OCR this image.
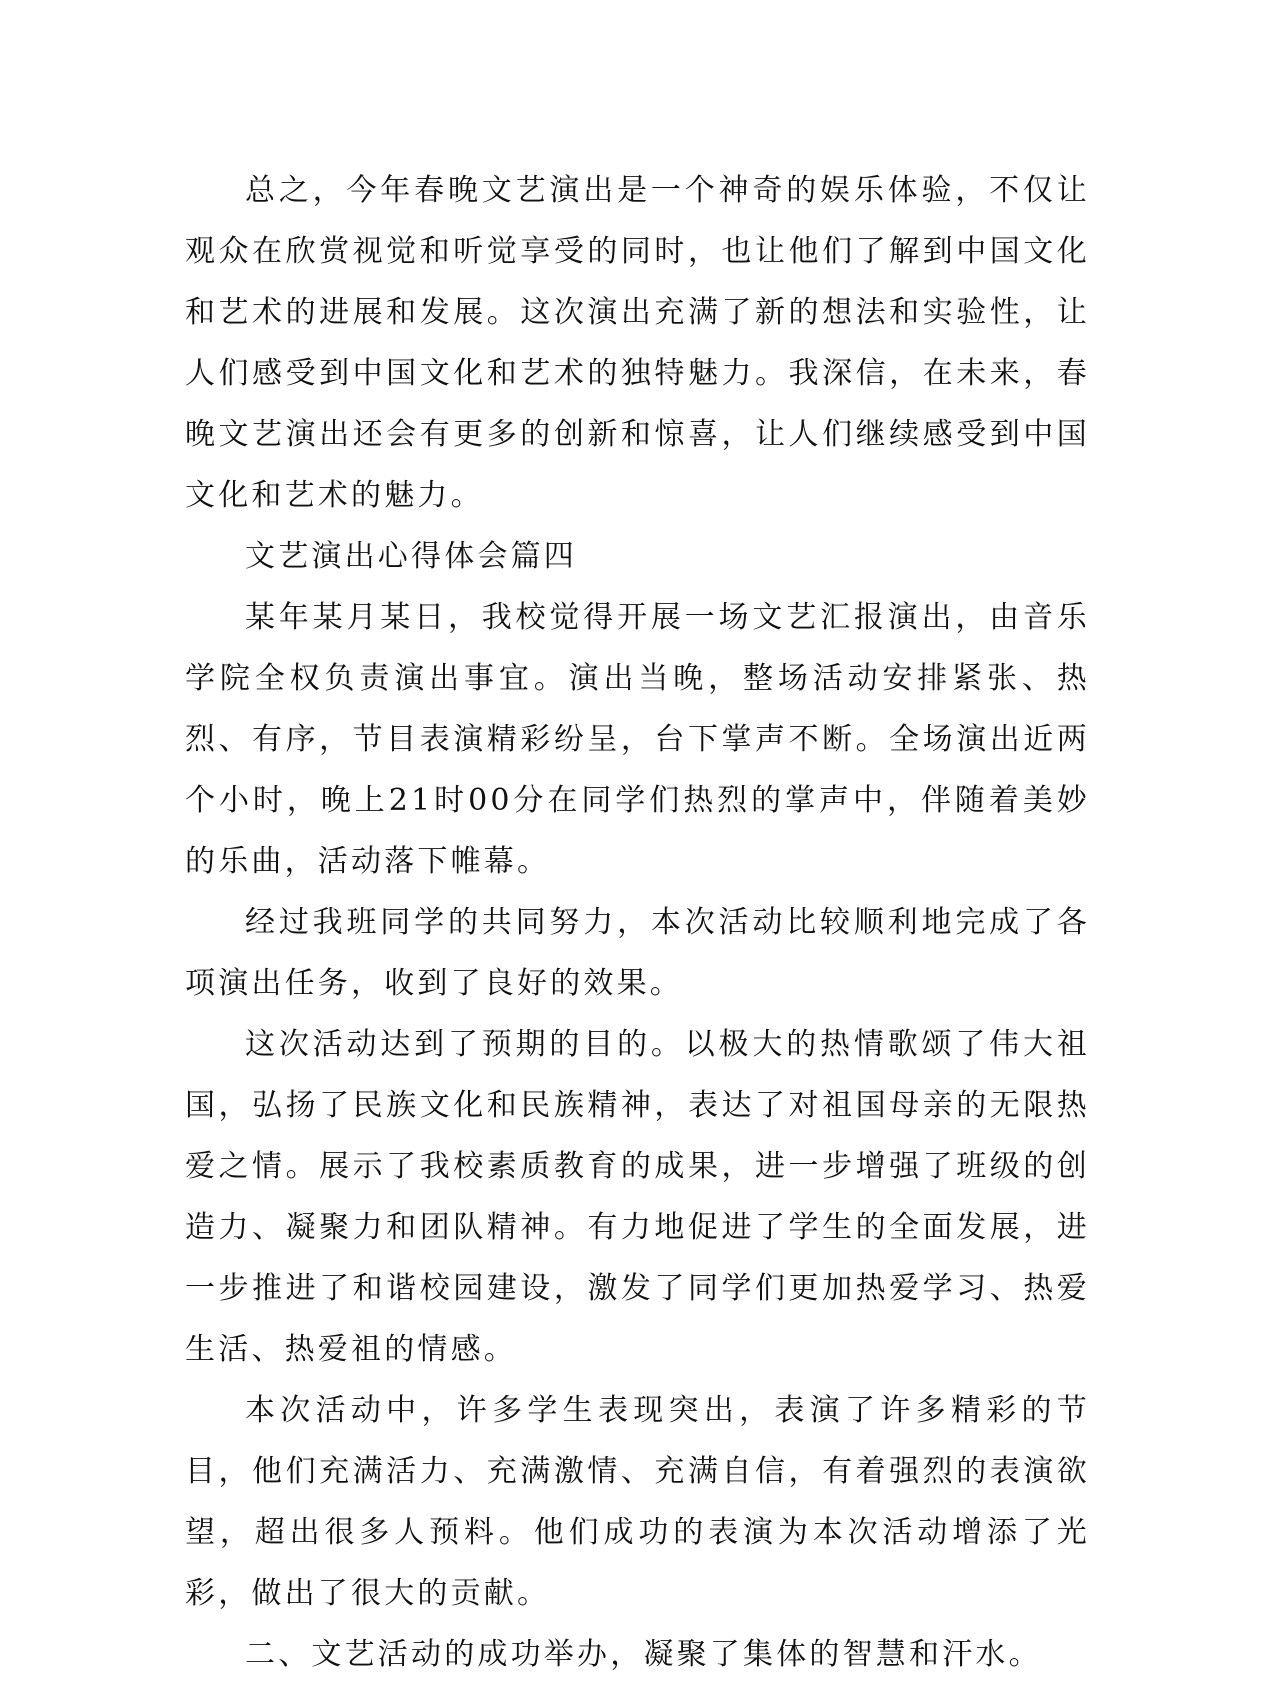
总之，今年春晚文艺演出是一个神奇的娱乐体验，不仅让观众在欣赏视觉和听觉享受的同时，也让他们了解到中国文化和艺术的进展和发展。这次演出充满了新的想法和实验性，让人们感受到中国文化和艺术的独特魅力。我深信，在未来，春晚文艺演出还会有更多的创新和惊喜，让人们继续感受到中国文化和艺术的魅力。

文艺演出心得体会篇四

某年某月某日，我校觉得开展一场文艺汇报演出，由音乐学院全权负责演出事宜。演出当晚，整场活动安排紧张、热烈、有序，节目表演精彩纷呈，台下掌声不断。全场演出近两个小时，晚上21时00分在同学们热烈的掌声中，伴随着美妙的乐曲，活动落下帷幕。

经过我班同学的共同努力，本次活动比较顺利地完成了各项演出任务，收到了良好的效果。

这次活动达到了预期的目的。以极大的热情歌颂了伟大祖国，弘扬了民族文化和民族精神，表达了对祖国母亲的无限热爱之情。展示了我校素质教育的成果，进一步增强了班级的创造力、凝聚力和团队精神。有力地促进了学生的全面发展，进一步推进了和谐校园建设，激发了同学们更加热爱学习、热爱生活、热爱祖的情感。

本次活动中，许多学生表现突出，表演了许多精彩的节目，他们充满活力、充满激情、充满自信，有着强烈的表演欲望，超出很多人预料。他们成功的表演为本次活动增添了光彩，做出了很大的贡献。

二、文艺活动的成功举办，凝聚了集体的智慧和汗水。
